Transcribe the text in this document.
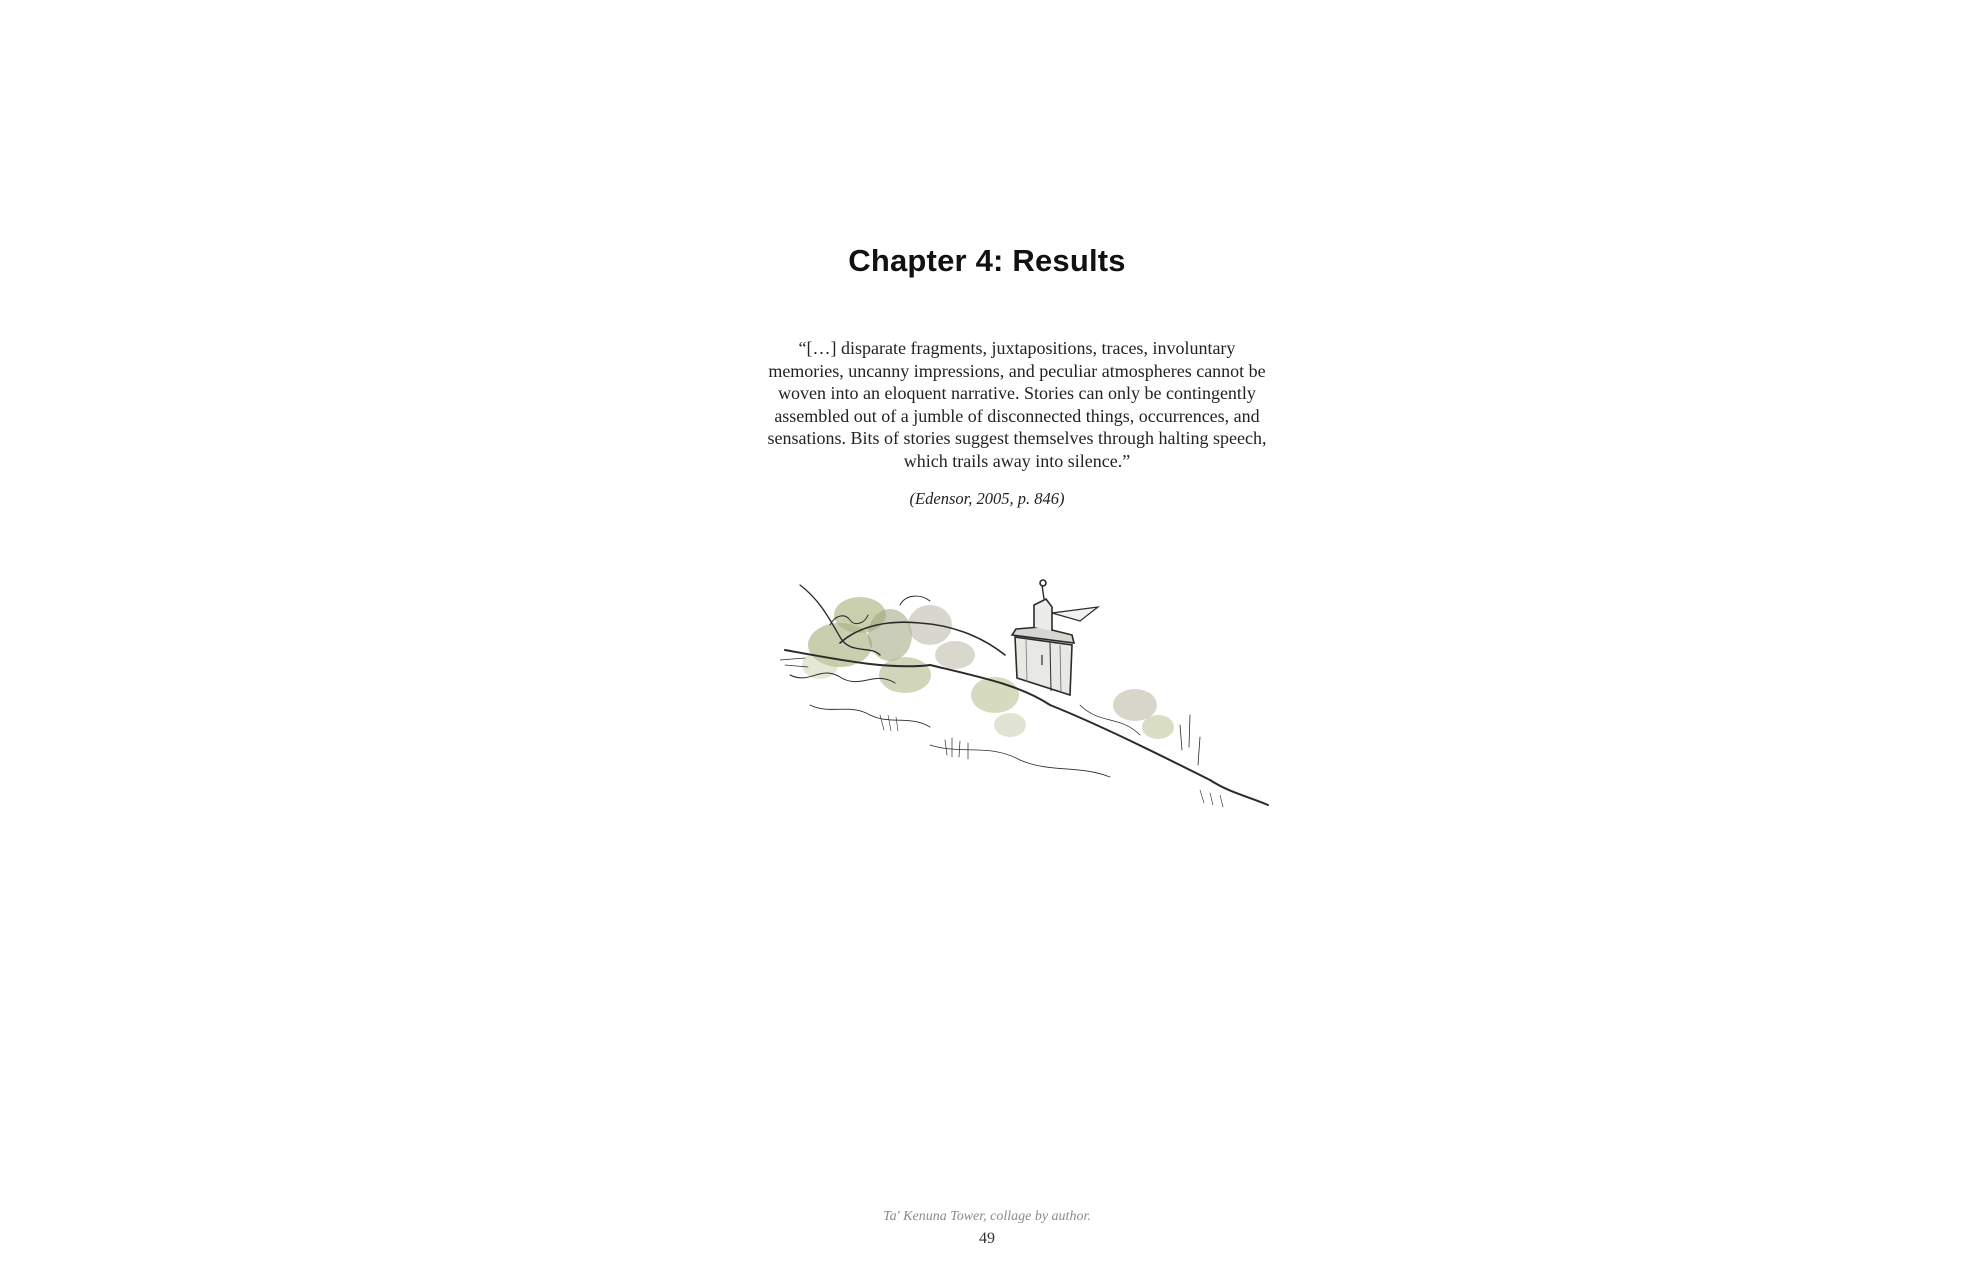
Chapter 4: Results
“[…] disparate fragments, juxtapositions, traces, involuntary
memories, uncanny impressions, and peculiar atmospheres cannot be
woven into an eloquent narrative. Stories can only be contingently
assembled out of a jumble of disconnected things, occurrences, and
sensations. Bits of stories suggest themselves through halting speech,
which trails away into silence.”
(Edensor, 2005, p. 846)
Ta' Kenuna Tower, collage by author.
49
